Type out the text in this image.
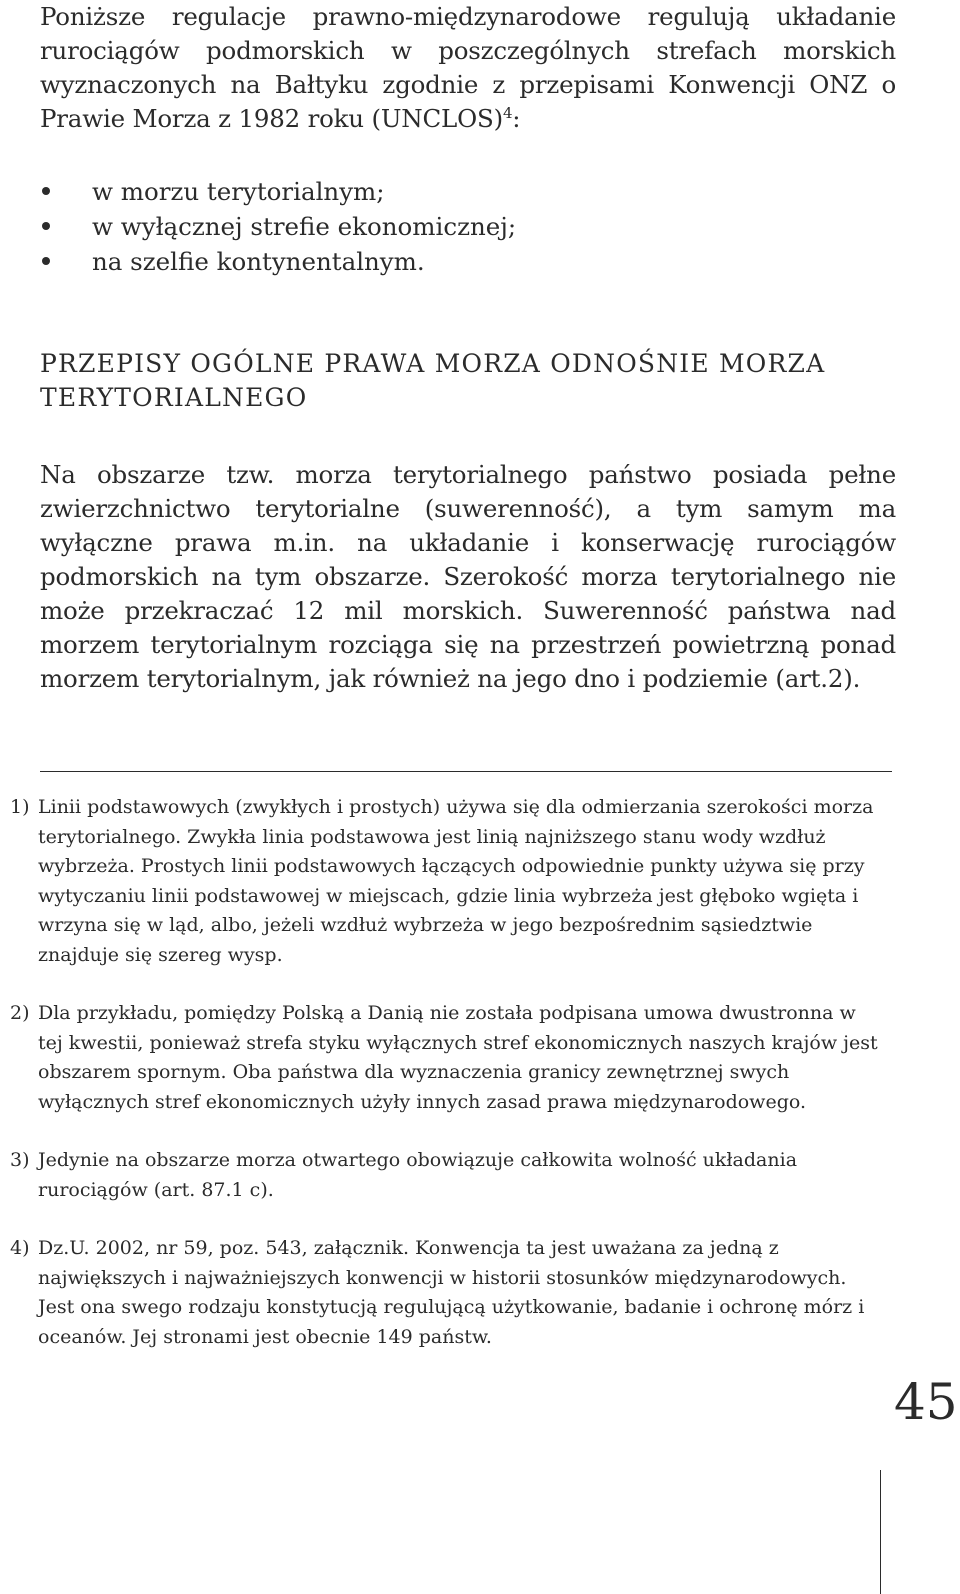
Poniższe regulacje prawno-międzynarodowe regulują układanie rurociągów podmorskich w poszczególnych strefach morskich wyznaczonych na Bałtyku zgodnie z przepisami Konwencji ONZ o Prawie Morza z 1982 roku (UNCLOS)$^4$:

w morzu terytorialnym;
w wyłącznej strefie ekonomicznej;
na szelfie kontynentalnym.
PRZEPISY OGÓLNE PRAWA MORZA ODNOŚNIE MORZA TERYTORIALNEGO

Na obszarze tzw. morza terytorialnego państwo posiada pełne zwierzchnictwo terytorialne (suwerenność), a tym samym ma wyłączne prawa m.in. na układanie i konserwację rurociągów podmorskich na tym obszarze. Szerokość morza terytorialnego nie może przekraczać 12 mil morskich. Suwerenność państwa nad morzem terytorialnym rozciąga się na przestrzeń powietrzną ponad morzem terytorialnym, jak również na jego dno i podziemie (art.2).

1) Linii podstawowych (zwykłych i prostych) używa się dla odmierzania szerokości morza terytorialnego. Zwykła linia podstawowa jest linią najniższego stanu wody wzdłuż wybrzeża. Prostych linii podstawowych łączących odpowiednie punkty używa się przy wytyczaniu linii podstawowej w miejscach, gdzie linia wybrzeża jest głęboko wgięta i wrzyna się w ląd, albo, jeżeli wzdłuż wybrzeża w jego bezpośrednim sąsiedztwie znajduje się szereg wysp.
2) Dla przykładu, pomiędzy Polską a Danią nie została podpisana umowa dwustronna w tej kwestii, ponieważ strefa styku wyłącznych stref ekonomicznych naszych krajów jest obszarem spornym. Oba państwa dla wyznaczenia granicy zewnętrznej swych wyłącznych stref ekonomicznych użyły innych zasad prawa międzynarodowego.
3) Jedynie na obszarze morza otwartego obowiązuje całkowita wolność układania rurociągów (art. 87.1 c).
4) Dz.U. 2002, nr 59, poz. 543, załącznik. Konwencja ta jest uważana za jedną z największych i najważniejszych konwencji w historii stosunków międzynarodowych. Jest ona swego rodzaju konstytucją regulującą użytkowanie, badanie i ochronę mórz i oceanów. Jej stronami jest obecnie 149 państw.
45
